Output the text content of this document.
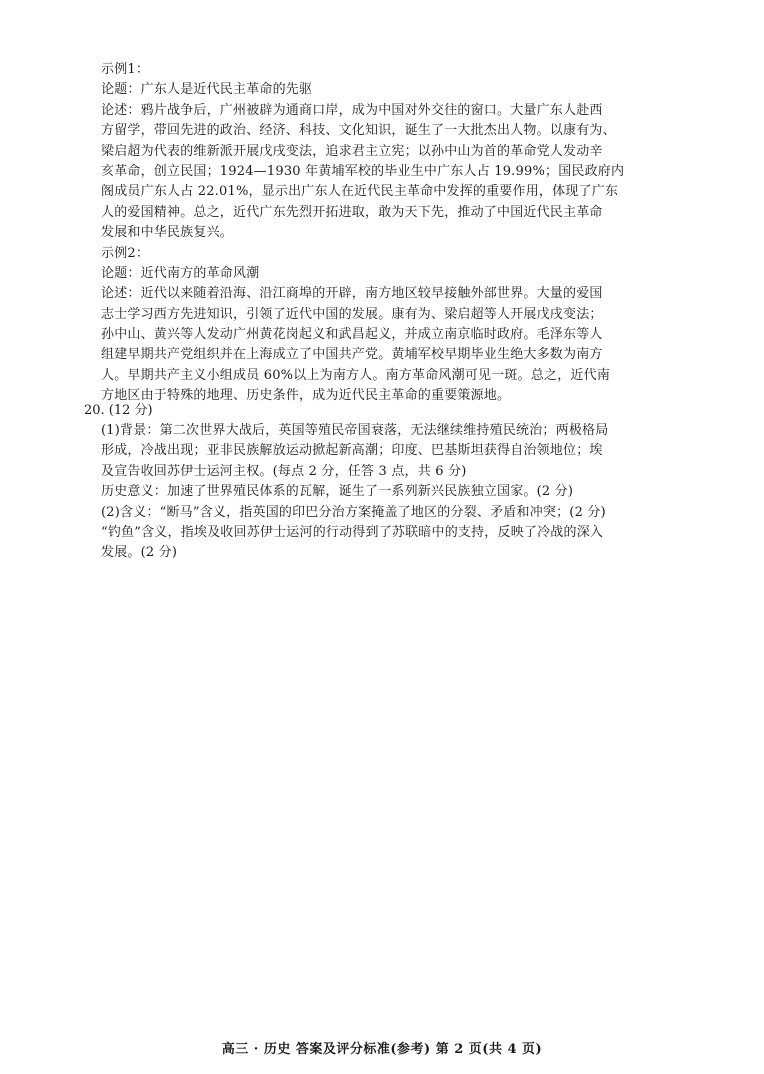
示例1：
论题：广东人是近代民主革命的先驱
论述：鸦片战争后，广州被辟为通商口岸，成为中国对外交往的窗口。大量广东人赴西
方留学，带回先进的政治、经济、科技、文化知识，诞生了一大批杰出人物。以康有为、
梁启超为代表的维新派开展戊戌变法，追求君主立宪；以孙中山为首的革命党人发动辛
亥革命，创立民国；1924—1930 年黄埔军校的毕业生中广东人占 19.99%；国民政府内
阁成员广东人占 22.01%，显示出广东人在近代民主革命中发挥的重要作用，体现了广东
人的爱国精神。总之，近代广东先烈开拓进取，敢为天下先，推动了中国近代民主革命
发展和中华民族复兴。
示例2：
论题：近代南方的革命风潮
论述：近代以来随着沿海、沿江商埠的开辟，南方地区较早接触外部世界。大量的爱国
志士学习西方先进知识，引领了近代中国的发展。康有为、梁启超等人开展戊戌变法；
孙中山、黄兴等人发动广州黄花岗起义和武昌起义，并成立南京临时政府。毛泽东等人
组建早期共产党组织并在上海成立了中国共产党。黄埔军校早期毕业生绝大多数为南方
人。早期共产主义小组成员 60%以上为南方人。南方革命风潮可见一斑。总之，近代南
方地区由于特殊的地理、历史条件，成为近代民主革命的重要策源地。
20. (12 分)
(1)背景：第二次世界大战后，英国等殖民帝国衰落，无法继续维持殖民统治；两极格局
形成，冷战出现；亚非民族解放运动掀起新高潮；印度、巴基斯坦获得自治领地位；埃
及宣告收回苏伊士运河主权。(每点 2 分，任答 3 点，共 6 分)
历史意义：加速了世界殖民体系的瓦解，诞生了一系列新兴民族独立国家。(2 分)
(2)含义：“断马”含义，指英国的印巴分治方案掩盖了地区的分裂、矛盾和冲突；(2 分)
“钓鱼”含义，指埃及收回苏伊士运河的行动得到了苏联暗中的支持，反映了冷战的深入
发展。(2 分)
高三 · 历史 答案及评分标准(参考) 第 2 页(共 4 页)
